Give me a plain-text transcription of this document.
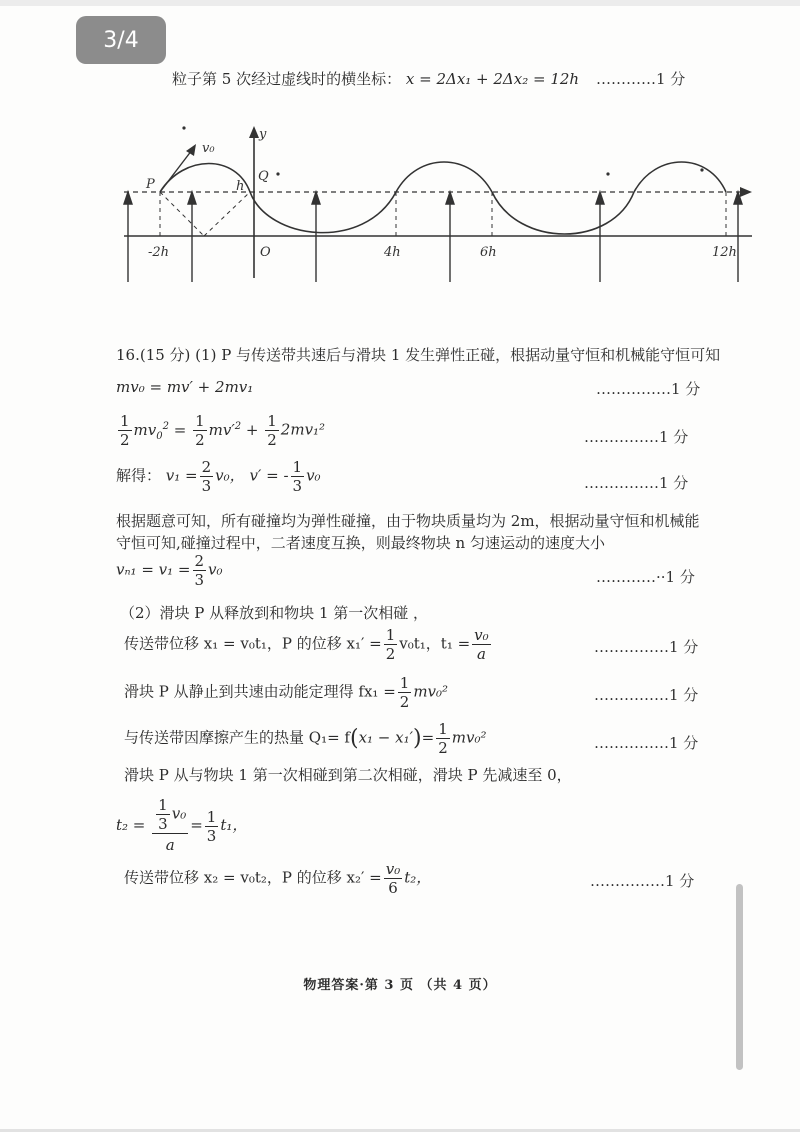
3/4
粒子第 5 次经过虚线时的横坐标： x = 2Δx₁ + 2Δx₂ = 12h …………1 分
v₀
y
P
Q
h
O
-2h	4h	6h	12h
16.(15 分) (1) P 与传送带共速后与滑块 1 发生弹性正碰，根据动量守恒和机械能守恒可知
mv₀ = mv′ + 2mv₁	……………1 分
$\frac{1}{2} mv_0^2 = \frac{1}{2} mv'^2 + \frac{1}{2} 2mv_1^2$	……………1 分
解得： $v_1 = \frac{2}{3} v_0$， v′ = - $\frac{1}{3} v_0$	……………1 分
根据题意可知，所有碰撞均为弹性碰撞，由于物块质量均为 2m，根据动量守恒和机械能
守恒可知,碰撞过程中，二者速度互换，则最终物块 n 匀速运动的速度大小
$v_{n1} = v_1 = \frac{2}{3} v_0$	…………··1 分
（2）滑块 P 从释放到和物块 1 第一次相碰 ，
传送带位移 x₁ = v₀t₁，P 的位移 $x_1' = \frac{1}{2} v_0t_1$，$t_1 = \frac{\text{v₀}}{a}$	……………1 分
滑块 P 从静止到共速由动能定理得 $fx_1 = \frac{1}{2} mv_0^2$	……………1 分
与传送带因摩擦产生的热量 $Q_1= f(x_1 - x_1')= \frac{1}{2} mv_0^2$	……………1 分
滑块 P 从与物块 1 第一次相碰到第二次相碰，滑块 P 先减速至 0，
$t_2 = \frac{\frac{1}{3} v_0}{a} = \frac{1}{3} t_1$，
传送带位移 x₂ = v₀t₂，P 的位移 $x_2' = \frac{\text{v₀}}{6} t_2$，	……………1 分
物理答案·第 3 页 （共 4 页）
